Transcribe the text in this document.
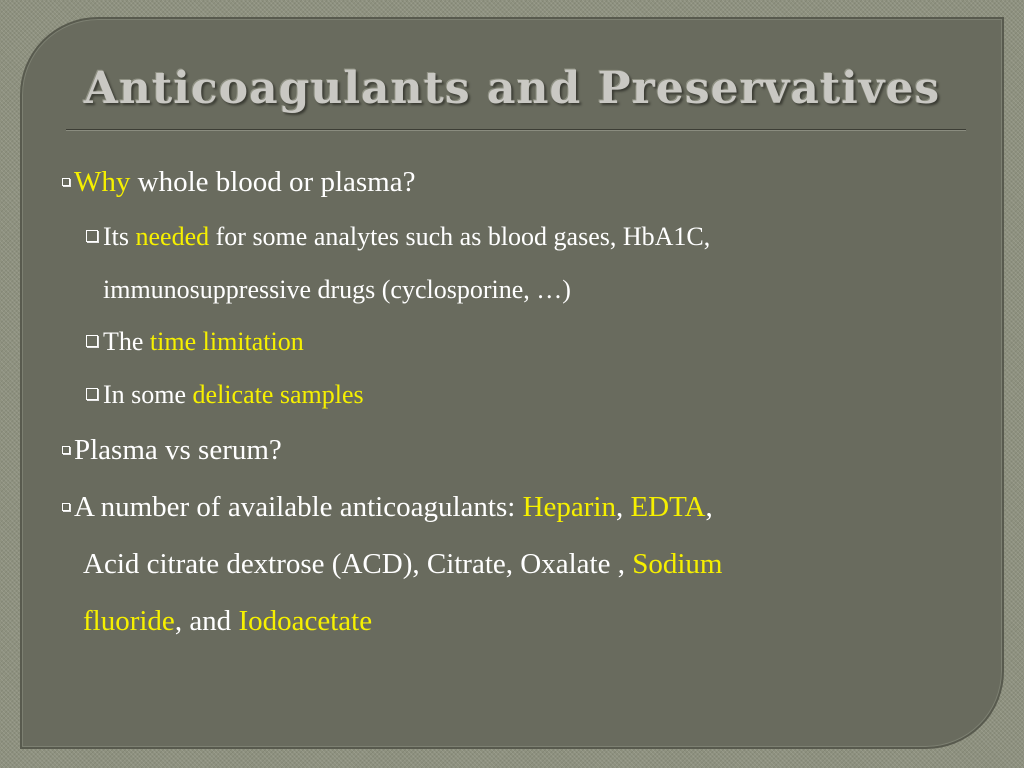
Anticoagulants and Preservatives
Why whole blood or plasma?
Its needed for some analytes such as blood gases, HbA1C,
immunosuppressive drugs (cyclosporine, …)
The time limitation
In some delicate samples
Plasma vs serum?
A number of available anticoagulants: Heparin, EDTA,
Acid citrate dextrose (ACD), Citrate, Oxalate , Sodium
fluoride, and Iodoacetate
